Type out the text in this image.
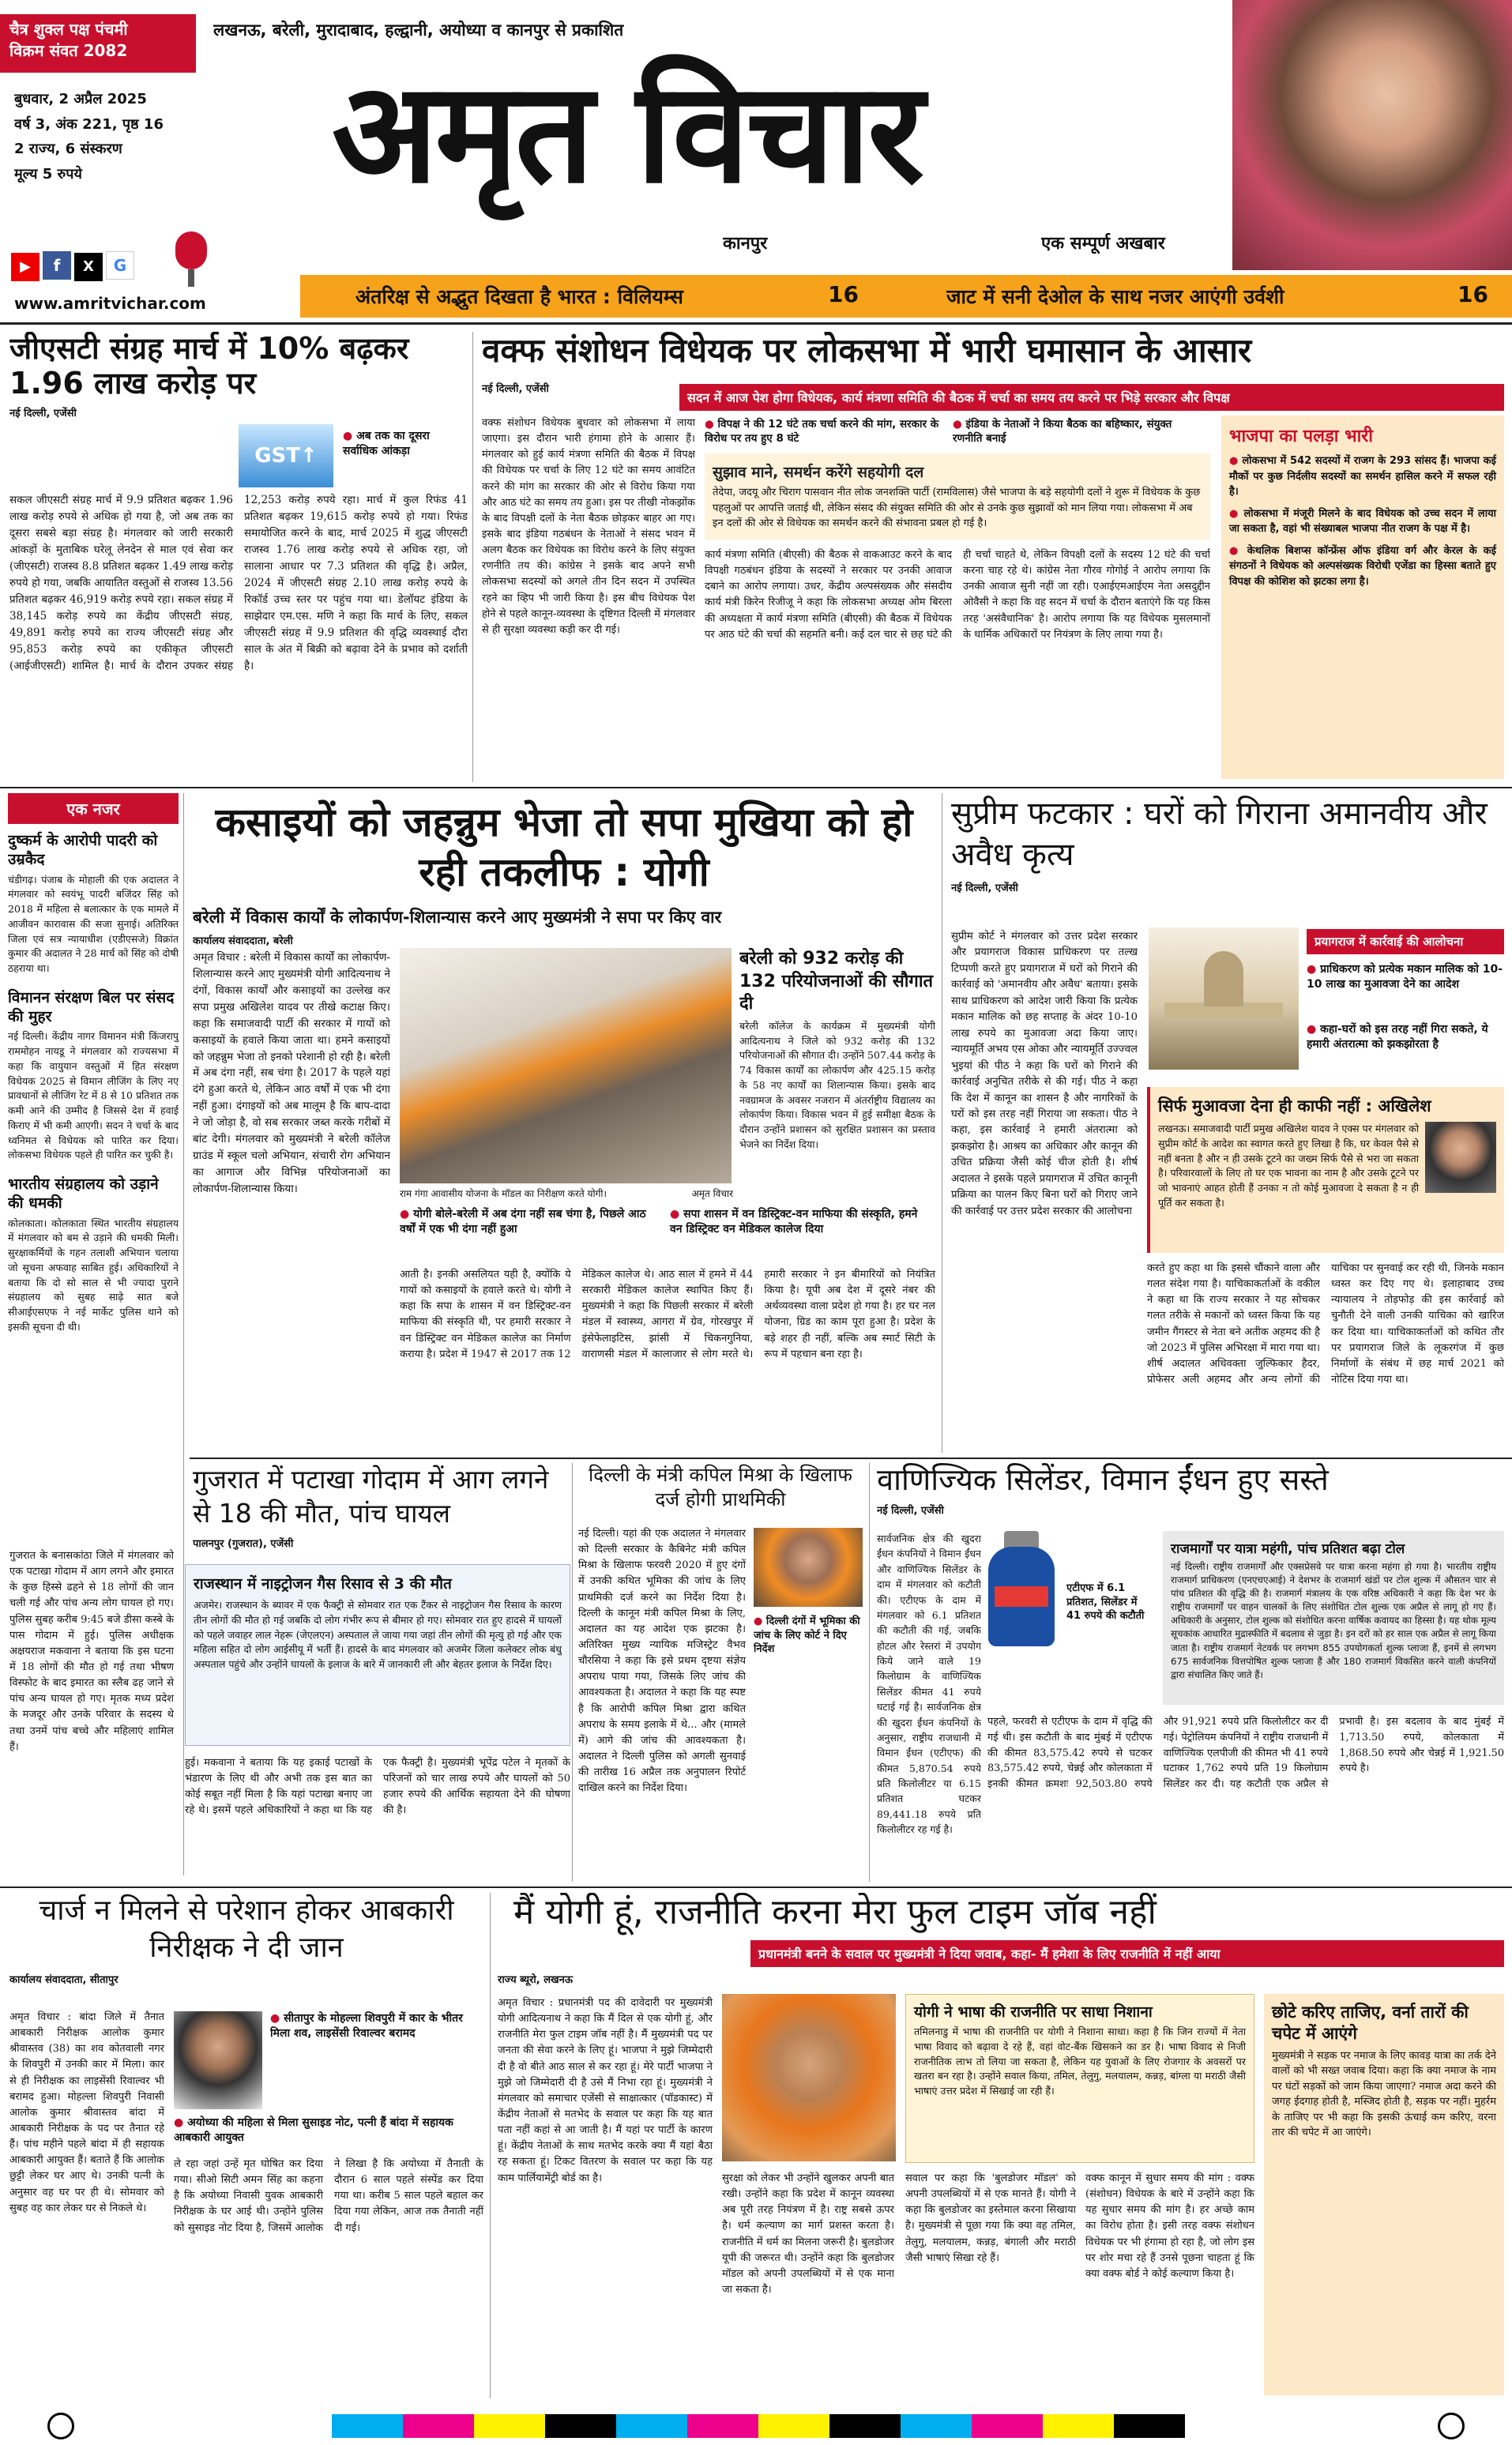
चैत्र शुक्ल पक्ष पंचमी
विक्रम संवत 2082
लखनऊ, बरेली, मुरादाबाद, हल्द्वानी, अयोध्या व कानपुर से प्रकाशित
बुधवार, 2 अप्रैल 2025
वर्ष 3, अंक 221, पृष्ठ 16
2 राज्य, 6 संस्करण
मूल्य 5 रुपये
▶ f X G
www.amritvichar.com
अमृत विचार
कानपुर	एक सम्पूर्ण अखबार
अंतरिक्ष से अद्भुत दिखता है भारत : विलियम्स	16	जाट में सनी देओल के साथ नजर आएंगी उर्वशी	16
जीएसटी संग्रह मार्च में 10% बढ़कर 1.96 लाख करोड़ पर
नई दिल्ली, एजेंसी
GST↑
● अब तक का दूसरा सर्वाधिक आंकड़ा
सकल जीएसटी संग्रह मार्च में 9.9 प्रतिशत बढ़कर 1.96 लाख करोड़ रुपये से अधिक हो गया है, जो अब तक का दूसरा सबसे बड़ा संग्रह है। मंगलवार को जारी सरकारी आंकड़ों के मुताबिक घरेलू लेनदेन से माल एवं सेवा कर (जीएसटी) राजस्व 8.8 प्रतिशत बढ़कर 1.49 लाख करोड़ रुपये हो गया, जबकि आयातित वस्तुओं से राजस्व 13.56 प्रतिशत बढ़कर 46,919 करोड़ रुपये रहा। सकल संग्रह में 38,145 करोड़ रुपये का केंद्रीय जीएसटी संग्रह, 49,891 करोड़ रुपये का राज्य जीएसटी संग्रह और 95,853 करोड़ रुपये का एकीकृत जीएसटी (आईजीएसटी) शामिल है। मार्च के दौरान उपकर संग्रह 12,253 करोड़ रुपये रहा। मार्च में कुल रिफंड 41 प्रतिशत बढ़कर 19,615 करोड़ रुपये हो गया। रिफंड समायोजित करने के बाद, मार्च 2025 में शुद्ध जीएसटी राजस्व 1.76 लाख करोड़ रुपये से अधिक रहा, जो सालाना आधार पर 7.3 प्रतिशत की वृद्धि है। अप्रैल, 2024 में जीएसटी संग्रह 2.10 लाख करोड़ रुपये के रिकॉर्ड उच्च स्तर पर पहुंच गया था। डेलॉयट इंडिया के साझेदार एम.एस. मणि ने कहा कि मार्च के लिए, सकल जीएसटी संग्रह में 9.9 प्रतिशत की वृद्धि व्यवस्थाई दौरा साल के अंत में बिक्री को बढ़ावा देने के प्रभाव को दर्शाती है।
वक्फ संशोधन विधेयक पर लोकसभा में भारी घमासान के आसार
नई दिल्ली, एजेंसी
सदन में आज पेश होगा विधेयक, कार्य मंत्रणा समिति की बैठक में चर्चा का समय तय करने पर भिड़े सरकार और विपक्ष
वक्फ संशोधन विधेयक बुधवार को लोकसभा में लाया जाएगा। इस दौरान भारी हंगामा होने के आसार हैं। मंगलवार को हुई कार्य मंत्रणा समिति की बैठक में विपक्ष की विधेयक पर चर्चा के लिए 12 घंटे का समय आवंटित करने की मांग का सरकार की ओर से विरोध किया गया और आठ घंटे का समय तय हुआ। इस पर तीखी नोकझोंक के बाद विपक्षी दलों के नेता बैठक छोड़कर बाहर आ गए। इसके बाद इंडिया गठबंधन के नेताओं ने संसद भवन में अलग बैठक कर विधेयक का विरोध करने के लिए संयुक्त रणनीति तय की। कांग्रेस ने इसके बाद अपने सभी लोकसभा सदस्यों को अगले तीन दिन सदन में उपस्थित रहने का व्हिप भी जारी किया है। इस बीच विधेयक पेश होने से पहले कानून-व्यवस्था के दृष्टिगत दिल्ली में मंगलवार से ही सुरक्षा व्यवस्था कड़ी कर दी गई।
● विपक्ष ने की 12 घंटे तक चर्चा करने की मांग, सरकार के विरोध पर तय हुए 8 घंटे
● इंडिया के नेताओं ने किया बैठक का बहिष्कार, संयुक्त रणनीति बनाई
सुझाव माने, समर्थन करेंगे सहयोगी दल
तेदेपा, जदयू और चिराग पासवान नीत लोक जनशक्ति पार्टी (रामविलास) जैसे भाजपा के बड़े सहयोगी दलों ने शुरू में विधेयक के कुछ पहलुओं पर आपत्ति जताई थी, लेकिन संसद की संयुक्त समिति की ओर से उनके कुछ सुझावों को मान लिया गया। लोकसभा में अब इन दलों की ओर से विधेयक का समर्थन करने की संभावना प्रबल हो गई है।
कार्य मंत्रणा समिति (बीएसी) की बैठक से वाकआउट करने के बाद विपक्षी गठबंधन इंडिया के सदस्यों ने सरकार पर उनकी आवाज दबाने का आरोप लगाया। उधर, केंद्रीय अल्पसंख्यक और संसदीय कार्य मंत्री किरेन रिजीजू ने कहा कि लोकसभा अध्यक्ष ओम बिरला की अध्यक्षता में कार्य मंत्रणा समिति (बीएसी) की बैठक में विधेयक पर आठ घंटे की चर्चा की सहमति बनी। कई दल चार से छह घंटे की ही चर्चा चाहते थे, लेकिन विपक्षी दलों के सदस्य 12 घंटे की चर्चा करना चाह रहे थे। कांग्रेस नेता गौरव गोगोई ने आरोप लगाया कि उनकी आवाज सुनी नहीं जा रही। एआईएमआईएम नेता असदुद्दीन ओवैसी ने कहा कि वह सदन में चर्चा के दौरान बताएंगे कि यह किस तरह 'असंवैधानिक' है। आरोप लगाया कि यह विधेयक मुसलमानों के धार्मिक अधिकारों पर नियंत्रण के लिए लाया गया है।
भाजपा का पलड़ा भारी
● लोकसभा में 542 सदस्यों में राजग के 293 सांसद हैं। भाजपा कई मौकों पर कुछ निर्दलीय सदस्यों का समर्थन हासिल करने में सफल रही है।
● लोकसभा में मंजूरी मिलने के बाद विधेयक को उच्च सदन में लाया जा सकता है, वहां भी संख्याबल भाजपा नीत राजग के पक्ष में है।
● केथलिक बिशप्स कॉन्फ्रेंस ऑफ इंडिया वर्ग और केरल के कई संगठनों ने विधेयक को अल्पसंख्यक विरोधी एजेंडा का हिस्सा बताते हुए विपक्ष की कोशिश को झटका लगा है।
एक नजर
दुष्कर्म के आरोपी पादरी को उम्रकैद
चंडीगढ़। पंजाब के मोहाली की एक अदालत ने मंगलवार को स्वयंभू पादरी बजिंदर सिंह को 2018 में महिला से बलात्कार के एक मामले में आजीवन कारावास की सजा सुनाई। अतिरिक्त जिला एवं सत्र न्यायाधीश (एडीएसजे) विक्रांत कुमार की अदालत ने 28 मार्च को सिंह को दोषी ठहराया था।
विमानन संरक्षण बिल पर संसद की मुहर
नई दिल्ली। केंद्रीय नागर विमानन मंत्री किंजरापु राममोहन नायडू ने मंगलवार को राज्यसभा में कहा कि वायुयान वस्तुओं में हित संरक्षण विधेयक 2025 से विमान लीजिंग के लिए नए प्रावधानों से लीजिंग रेट में 8 से 10 प्रतिशत तक कमी आने की उम्मीद है जिससे देश में हवाई किराए में भी कमी आएगी। सदन ने चर्चा के बाद ध्वनिमत से विधेयक को पारित कर दिया। लोकसभा विधेयक पहले ही पारित कर चुकी है।
भारतीय संग्रहालय को उड़ाने की धमकी
कोलकाता। कोलकाता स्थित भारतीय संग्रहालय में मंगलवार को बम से उड़ाने की धमकी मिली। सुरक्षाकर्मियों के गहन तलाशी अभियान चलाया जो सूचना अफवाह साबित हुई। अधिकारियों ने बताया कि दो सो साल से भी ज्यादा पुराने संग्रहालय को सुबह साढ़े सात बजे सीआईएसएफ ने नई मार्केट पुलिस थाने को इसकी सूचना दी थी।
कसाइयों को जहन्नुम भेजा तो सपा मुखिया को हो रही तकलीफ : योगी
बरेली में विकास कार्यों के लोकार्पण-शिलान्यास करने आए मुख्यमंत्री ने सपा पर किए वार
कार्यालय संवाददाता, बरेली
अमृत विचार : बरेली में विकास कार्यों का लोकार्पण-शिलान्यास करने आए मुख्यमंत्री योगी आदित्यनाथ ने दंगों, विकास कार्यों और कसाइयों का उल्लेख कर सपा प्रमुख अखिलेश यादव पर तीखे कटाक्ष किए। कहा कि समाजवादी पार्टी की सरकार में गायों को कसाइयों के हवाले किया जाता था। हमने कसाइयों को जहन्नुम भेजा तो इनको परेशानी हो रही है। बरेली में अब दंगा नहीं, सब चंगा है। 2017 के पहले यहां दंगे हुआ करते थे, लेकिन आठ वर्षों में एक भी दंगा नहीं हुआ। दंगाइयों को अब मालूम है कि बाप-दादा ने जो जोड़ा है, वो सब सरकार जब्त करके गरीबों में बांट देगी। मंगलवार को मुख्यमंत्री ने बरेली कॉलेज ग्राउंड में स्कूल चलो अभियान, संचारी रोग अभियान का आगाज और विभिन्न परियोजनाओं का लोकार्पण-शिलान्यास किया।	राम गंगा आवासीय योजना के मॉडल का निरीक्षण करते योगी।	अमृत विचार
बरेली को 932 करोड़ की 132 परियोजनाओं की सौगात दी
बरेली कॉलेज के कार्यक्रम में मुख्यमंत्री योगी आदित्यनाथ ने जिले को 932 करोड़ की 132 परियोजनाओं की सौगात दी। उन्होंने 507.44 करोड़ के 74 विकास कार्यों का लोकार्पण और 425.15 करोड़ के 58 नए कार्यों का शिलान्यास किया। इसके बाद नवग्रामज के अवसर नजरान में अंतर्राष्ट्रीय विद्यालय का लोकार्पण किया। विकास भवन में हुई समीक्षा बैठक के दौरान उन्होंने प्रशासन को सुरक्षित प्रशासन का प्रस्ताव भेजने का निर्देश दिया।
● योगी बोले-बरेली में अब दंगा नहीं सब चंगा है, पिछले आठ वर्षों में एक भी दंगा नहीं हुआ
● सपा शासन में वन डिस्ट्रिक्ट-वन माफिया की संस्कृति, हमने वन डिस्ट्रिक्ट वन मेडिकल कालेज दिया
आती है। इनकी असलियत यही है, क्योंकि ये गायों को कसाइयों के हवाले करते थे। योगी ने कहा कि सपा के शासन में वन डिस्ट्रिक्ट-वन माफिया की संस्कृति थी, पर हमारी सरकार ने वन डिस्ट्रिक्ट वन मेडिकल कालेज का निर्माण कराया है। प्रदेश में 1947 से 2017 तक 12 मेडिकल कालेज थे। आठ साल में हमने में 44 सरकारी मेडिकल कालेज स्थापित किए हैं। मुख्यमंत्री ने कहा कि पिछली सरकार में बरेली मंडल में स्वास्थ्य, आगरा में ग्रेव, गोरखपुर में इंसेफेलाइटिस, झांसी में चिकनगुनिया, वाराणसी मंडल में कालाजार से लोग मरते थे। हमारी सरकार ने इन बीमारियों को नियंत्रित किया है। यूपी अब देश में दूसरे नंबर की अर्थव्यवस्था वाला प्रदेश हो गया है। हर घर नल योजना, ग्रिड का काम पूरा हुआ है। प्रदेश के बड़े शहर ही नहीं, बल्कि अब स्मार्ट सिटी के रूप में पहचान बना रहा है।
सुप्रीम फटकार : घरों को गिराना अमानवीय और अवैध कृत्य
नई दिल्ली, एजेंसी
सुप्रीम कोर्ट ने मंगलवार को उत्तर प्रदेश सरकार और प्रयागराज विकास प्राधिकरण पर तल्ख टिप्पणी करते हुए प्रयागराज में घरों को गिराने की कार्रवाई को 'अमानवीय और अवैध' बताया। इसके साथ प्राधिकरण को आदेश जारी किया कि प्रत्येक मकान मालिक को छह सप्ताह के अंदर 10-10 लाख रुपये का मुआवजा अदा किया जाए। न्यायमूर्ति अभय एस ओका और न्यायमूर्ति उज्ज्वल भुइयां की पीठ ने कहा कि घरों को गिराने की कार्रवाई अनुचित तरीके से की गई। पीठ ने कहा कि देश में कानून का शासन है और नागरिकों के घरों को इस तरह नहीं गिराया जा सकता। पीठ ने कहा, इस कार्रवाई ने हमारी अंतरात्मा को झकझोरा है। आश्रय का अधिकार और कानून की उचित प्रक्रिया जैसी कोई चीज होती है। शीर्ष अदालत ने इसके पहले प्रयागराज में उचित कानूनी प्रक्रिया का पालन किए बिना घरों को गिराए जाने की कार्रवाई पर उत्तर प्रदेश सरकार की आलोचना
प्रयागराज में कार्रवाई की आलोचना
● प्राधिकरण को प्रत्येक मकान मालिक को 10-10 लाख का मुआवजा देने का आदेश
● कहा-घरों को इस तरह नहीं गिरा सकते, ये हमारी अंतरात्मा को झकझोरता है
सिर्फ मुआवजा देना ही काफी नहीं : अखिलेश
लखनऊ। समाजवादी पार्टी प्रमुख अखिलेश यादव ने एक्स पर मंगलवार को सुप्रीम कोर्ट के आदेश का स्वागत करते हुए लिखा है कि, घर केवल पैसे से नहीं बनता है और न ही उसके टूटने का जख्म सिर्फ पैसे से भरा जा सकता है। परिवारवालों के लिए तो घर एक भावना का नाम है और उसके टूटने पर जो भावनाएं आहत होती हैं उनका न तो कोई मुआवजा दे सकता है न ही पूर्ति कर सकता है।
करते हुए कहा था कि इससे चौंकाने वाला और गलत संदेश गया है। याचिकाकर्ताओं के वकील ने कहा था कि राज्य सरकार ने यह सोचकर गलत तरीके से मकानों को ध्वस्त किया कि यह जमीन गैंगस्टर से नेता बने अतीक अहमद की है जो 2023 में पुलिस अभिरक्षा में मारा गया था। शीर्ष अदालत अधिवक्ता जुल्फिकार हैदर, प्रोफेसर अली अहमद और अन्य लोगों की याचिका पर सुनवाई कर रही थी, जिनके मकान ध्वस्त कर दिए गए थे। इलाहाबाद उच्च न्यायालय ने तोड़फोड़ की इस कार्रवाई को चुनौती देने वाली उनकी याचिका को खारिज कर दिया था। याचिकाकर्ताओं को कथित तौर पर प्रयागराज जिले के लूकरगंज में कुछ निर्माणों के संबंध में छह मार्च 2021 को नोटिस दिया गया था।
गुजरात में पटाखा गोदाम में आग लगने से 18 की मौत, पांच घायल
पालनपुर (गुजरात), एजेंसी
गुजरात के बनासकांठा जिले में मंगलवार को एक पटाखा गोदाम में आग लगने और इमारत के कुछ हिस्से ढहने से 18 लोगों की जान चली गई और पांच अन्य लोग घायल हो गए। पुलिस सुबह करीब 9:45 बजे डीसा कस्बे के पास गोदाम में हुई। पुलिस अधीक्षक अक्षयराज मकवाना ने बताया कि इस घटना में 18 लोगों की मौत हो गई तथा भीषण विस्फोट के बाद इमारत का स्लैब ढह जाने से पांच अन्य घायल हो गए। मृतक मध्य प्रदेश के मजदूर और उनके परिवार के सदस्य थे तथा उनमें पांच बच्चे और महिलाएं शामिल हैं।
●
●
राजस्थान में नाइट्रोजन गैस रिसाव से 3 की मौत
अजमेर। राजस्थान के ब्यावर में एक फैक्ट्री से सोमवार रात एक टैंकर से नाइट्रोजन गैस रिसाव के कारण तीन लोगों की मौत हो गई जबकि दो लोग गंभीर रूप से बीमार हो गए। सोमवार रात हुए हादसे में घायलों को पहले जवाहर लाल नेहरू (जेएलएन) अस्पताल ले जाया गया जहां तीन लोगों की मृत्यु हो गई और एक महिला सहित दो लोग आईसीयू में भर्ती हैं। हादसे के बाद मंगलवार को अजमेर जिला कलेक्टर लोक बंधु अस्पताल पहुंचे और उन्होंने घायलों के इलाज के बारे में जानकारी ली और बेहतर इलाज के निर्देश दिए।
हुई। मकवाना ने बताया कि यह इकाई पटाखों के भंडारण के लिए थी और अभी तक इस बात का कोई सबूत नहीं मिला है कि यहां पटाखा बनाए जा रहे थे। इसमें पहले अधिकारियों ने कहा था कि यह एक फैक्ट्री है। मुख्यमंत्री भूपेंद्र पटेल ने मृतकों के परिजनों को चार लाख रुपये और घायलों को 50 हजार रुपये की आर्थिक सहायता देने की घोषणा की है।
दिल्ली के मंत्री कपिल मिश्रा के खिलाफ दर्ज होगी प्राथमिकी
नई दिल्ली। यहां की एक अदालत ने मंगलवार को दिल्ली सरकार के कैबिनेट मंत्री कपिल मिश्रा के खिलाफ फरवरी 2020 में हुए दंगों में उनकी कथित भूमिका की जांच के लिए प्राथमिकी दर्ज करने का निर्देश दिया है। दिल्ली के कानून मंत्री कपिल मिश्रा के लिए, अदालत का यह आदेश एक झटका है। अतिरिक्त मुख्य न्यायिक मजिस्ट्रेट वैभव चौरसिया ने कहा कि इसे प्रथम दृष्टया संज्ञेय अपराध पाया गया, जिसके लिए जांच की आवश्यकता है। अदालत ने कहा कि यह स्पष्ट है कि आरोपी कपिल मिश्रा द्वारा कथित अपराध के समय इलाके में थे... और (मामले में) आगे की जांच की आवश्यकता है। अदालत ने दिल्ली पुलिस को अगली सुनवाई की तारीख 16 अप्रैल तक अनुपालन रिपोर्ट दाखिल करने का निर्देश दिया।
● दिल्ली दंगों में भूमिका की जांच के लिए कोर्ट ने दिए निर्देश
वाणिज्यिक सिलेंडर, विमान ईंधन हुए सस्ते
नई दिल्ली, एजेंसी
एटीएफ में 6.1 प्रतिशत, सिलेंडर में 41 रुपये की कटौती
सार्वजनिक क्षेत्र की खुदरा ईंधन कंपनियों ने विमान ईंधन और वाणिज्यिक सिलेंडर के दाम में मंगलवार को कटौती की। एटीएफ के दाम में मंगलवार को 6.1 प्रतिशत की कटौती की गई, जबकि होटल और रेस्तरां में उपयोग किये जाने वाले 19 किलोग्राम के वाणिज्यिक सिलेंडर कीमत 41 रुपये घटाई गई है। सार्वजनिक क्षेत्र की खुदरा ईंधन कंपनियों के अनुसार, राष्ट्रीय राजधानी में विमान ईंधन (एटीएफ) की कीमत 5,870.54 रुपये प्रति किलोलीटर या 6.15 प्रतिशत घटकर 89,441.18 रुपये प्रति किलोलीटर रह गई है।
राजमार्गों पर यात्रा महंगी, पांच प्रतिशत बढ़ा टोल
नई दिल्ली। राष्ट्रीय राजमार्गों और एक्सप्रेसवे पर यात्रा करना महंगा हो गया है। भारतीय राष्ट्रीय राजमार्ग प्राधिकरण (एनएचएआई) ने देशभर के राजमार्ग खंडों पर टोल शुल्क में औसतन चार से पांच प्रतिशत की वृद्धि की है। राजमार्ग मंत्रालय के एक वरिष्ठ अधिकारी ने कहा कि देश भर के राष्ट्रीय राजमार्गों पर वाहन चालकों के लिए संशोधित टोल शुल्क एक अप्रैल से लागू हो गए हैं। अधिकारी के अनुसार, टोल शुल्क को संशोधित करना वार्षिक कवायद का हिस्सा है। यह थोक मूल्य सूचकांक आधारित मुद्रास्फीति में बदलाव से जुड़ा है। इन दरों को हर साल एक अप्रैल से लागू किया जाता है। राष्ट्रीय राजमार्ग नेटवर्क पर लगभग 855 उपयोगकर्ता शुल्क प्लाजा हैं, इनमें से लगभग 675 सार्वजनिक वित्तपोषित शुल्क प्लाजा हैं और 180 राजमार्ग विकसित करने वाली कंपनियों द्वारा संचालित किए जाते हैं।
पहले, फरवरी से एटीएफ के दाम में वृद्धि की गई थी। इस कटौती के बाद मुंबई में एटीएफ की कीमत 83,575.42 रुपये से घटकर 83,575.42 रुपये, चेन्नई और कोलकाता में इनकी कीमत क्रमशः 92,503.80 रुपये और 91,921 रुपये प्रति किलोलीटर कर दी गई। पेट्रोलियम कंपनियों ने राष्ट्रीय राजधानी में वाणिज्यिक एलपीजी की कीमत भी 41 रुपये घटाकर 1,762 रुपये प्रति 19 किलोग्राम सिलेंडर कर दी। यह कटौती एक अप्रैल से प्रभावी है। इस बदलाव के बाद मुंबई में 1,713.50 रुपये, कोलकाता में 1,868.50 रुपये और चेन्नई में 1,921.50 रुपये है।
चार्ज न मिलने से परेशान होकर आबकारी निरीक्षक ने दी जान
कार्यालय संवाददाता, सीतापुर
अमृत विचार : बांदा जिले में तैनात आबकारी निरीक्षक आलोक कुमार श्रीवास्तव (38) का शव कोतवाली नगर के शिवपुरी में उनकी कार में मिला। कार से ही निरीक्षक का लाइसेंसी रिवाल्वर भी बरामद हुआ। मोहल्ला शिवपुरी निवासी आलोक कुमार श्रीवास्तव बांदा में आबकारी निरीक्षक के पद पर तैनात रहे हैं। पांच महीने पहले बांदा में ही सहायक आबकारी आयुक्त हैं। बताते हैं कि आलोक छुट्टी लेकर घर आए थे। उनकी पत्नी के अनुसार वह घर पर ही थे। सोमवार को सुबह वह कार लेकर घर से निकले थे।
● सीतापुर के मोहल्ला शिवपुरी में कार के भीतर मिला शव, लाइसेंसी रिवाल्वर बरामद
● अयोध्या की महिला से मिला सुसाइड नोट, पत्नी हैं बांदा में सहायक आबकारी आयुक्त
ले रहा जहां उन्हें मृत घोषित कर दिया गया। सीओ सिटी अमन सिंह का कहना है कि अयोध्या निवासी युवक आबकारी निरीक्षक के घर आई थी। उन्होंने पुलिस को सुसाइड नोट दिया है, जिसमें आलोक ने लिखा है कि अयोध्या में तैनाती के दौरान 6 साल पहले संस्पेंड कर दिया गया था। करीब 5 साल पहले बहाल कर दिया गया लेकिन, आज तक तैनाती नहीं दी गई।
मैं योगी हूं, राजनीति करना मेरा फुल टाइम जॉब नहीं
प्रधानमंत्री बनने के सवाल पर मुख्यमंत्री ने दिया जवाब, कहा- मैं हमेशा के लिए राजनीति में नहीं आया
राज्य ब्यूरो, लखनऊ
अमृत विचार : प्रधानमंत्री पद की दावेदारी पर मुख्यमंत्री योगी आदित्यनाथ ने कहा कि मैं दिल से एक योगी हूं, और राजनीति मेरा फुल टाइम जॉब नहीं है। मैं मुख्यमंत्री पद पर जनता की सेवा करने के लिए हूं। भाजपा ने मुझे जिम्मेदारी दी है वो बीते आठ साल से कर रहा हूं। मेरे पार्टी भाजपा ने मुझे जो जिम्मेदारी दी है उसे मैं निभा रहा हूं। मुख्यमंत्री ने मंगलवार को समाचार एजेंसी से साक्षात्कार (पॉडकास्ट) में केंद्रीय नेताओं से मतभेद के सवाल पर कहा कि यह बात पता नहीं कहां से आ जाती है। मैं यहां पर पार्टी के कारण हूं। केंद्रीय नेताओं के साथ मतभेद करके क्या मैं यहां बैठा रह सकता हूं। टिकट वितरण के सवाल पर कहा कि यह काम पार्लियामेंट्री बोर्ड का है।
योगी ने भाषा की राजनीति पर साधा निशाना
तमिलनाडु में भाषा की राजनीति पर योगी ने निशाना साधा। कहा है कि जिन राज्यों में नेता भाषा विवाद को बढ़ावा दे रहे हैं, वहां वोट-बैंक खिसकने का डर है। भाषा विवाद से निजी राजनीतिक लाभ तो लिया जा सकता है, लेकिन यह युवाओं के लिए रोजगार के अवसरों पर खतरा बन रहा है। उन्होंने सवाल किया, तमिल, तेलुगु, मलयालम, कन्नड़, बांग्ला या मराठी जैसी भाषाएं उत्तर प्रदेश में सिखाई जा रही हैं।
सुरक्षा को लेकर भी उन्होंने खुलकर अपनी बात रखी। उन्होंने कहा कि प्रदेश में कानून व्यवस्था अब पूरी तरह नियंत्रण में है। राष्ट्र सबसे ऊपर है। धर्म कल्याण का मार्ग प्रशस्त करता है। राजनीति में धर्म का मिलना जरूरी है। बुलडोजर यूपी की जरूरत थी। उन्होंने कहा कि बुलडोजर मॉडल को अपनी उपलब्धियों में से एक माना जा सकता है।
सवाल पर कहा कि 'बुलडोजर मॉडल' को अपनी उपलब्धियों में से एक मानते हैं। योगी ने कहा कि बुलडोजर का इस्तेमाल करना सिखाया है। मुख्यमंत्री से पूछा गया कि क्या वह तमिल, तेलुगु, मलयालम, कन्नड़, बंगाली और मराठी जैसी भाषाएं सिखा रहे हैं।
वक्फ कानून में सुधार समय की मांग : वक्फ (संशोधन) विधेयक के बारे में उन्होंने कहा कि यह सुधार समय की मांग है। हर अच्छे काम का विरोध होता है। इसी तरह वक्फ संशोधन विधेयक पर भी हंगामा हो रहा है, जो लोग इस पर शोर मचा रहे हैं उनसे पूछना चाहता हूं कि क्या वक्फ बोर्ड ने कोई कल्याण किया है।
छोटे करिए ताजिए, वर्ना तारों की चपेट में आएंगे
मुख्यमंत्री ने सड़क पर नमाज के लिए कावड़ यात्रा का तर्क देने वालों को भी सख्त जवाब दिया। कहा कि क्या नमाज के नाम पर घंटों सड़कों को जाम किया जाएगा? नमाज अदा करने की जगह ईदगाह होती है, मस्जिद होती है, सड़क पर नहीं। मुहर्रम के ताजिए पर भी कहा कि इसकी ऊंचाई कम करिए, वरना तार की चपेट में आ जाएंगे।
